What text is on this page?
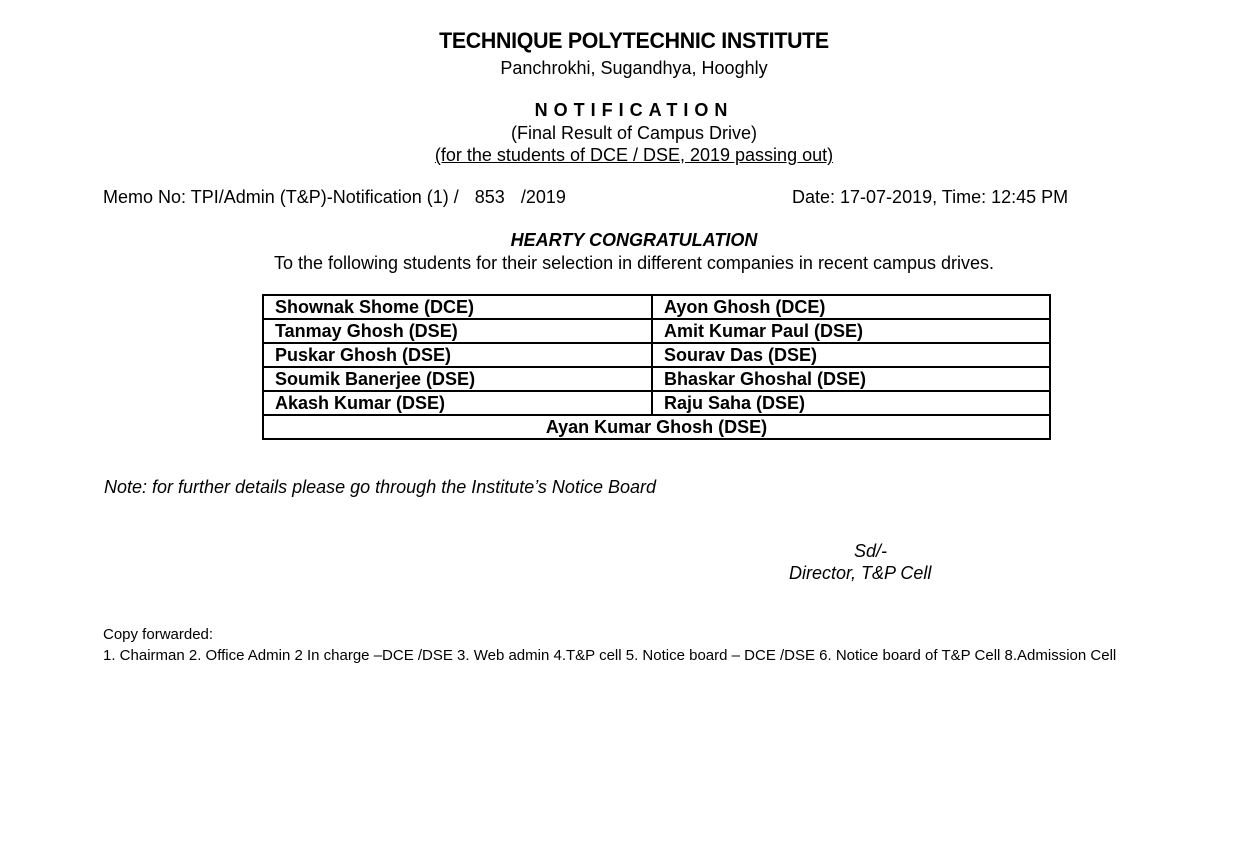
TECHNIQUE POLYTECHNIC INSTITUTE
Panchrokhi, Sugandhya, Hooghly
NOTIFICATION
(Final Result of Campus Drive)
(for the students of DCE / DSE, 2019 passing out)
Memo No: TPI/Admin (T&P)-Notification (1) / 853 /2019	Date: 17-07-2019, Time: 12:45 PM
HEARTY CONGRATULATION
To the following students for their selection in different companies in recent campus drives.
Shownak Shome (DCE)	Ayon Ghosh (DCE)
Tanmay Ghosh (DSE)	Amit Kumar Paul (DSE)
Puskar Ghosh (DSE)	Sourav Das (DSE)
Soumik Banerjee (DSE)	Bhaskar Ghoshal (DSE)
Akash Kumar (DSE)	Raju Saha (DSE)
Ayan Kumar Ghosh (DSE)	
Note: for further details please go through the Institute’s Notice Board
Sd/-
Director, T&P Cell
Copy forwarded:
1. Chairman 2. Office Admin 2 In charge –DCE /DSE 3. Web admin 4.T&P cell 5. Notice board – DCE /DSE 6. Notice board of T&P Cell 8.Admission Cell
